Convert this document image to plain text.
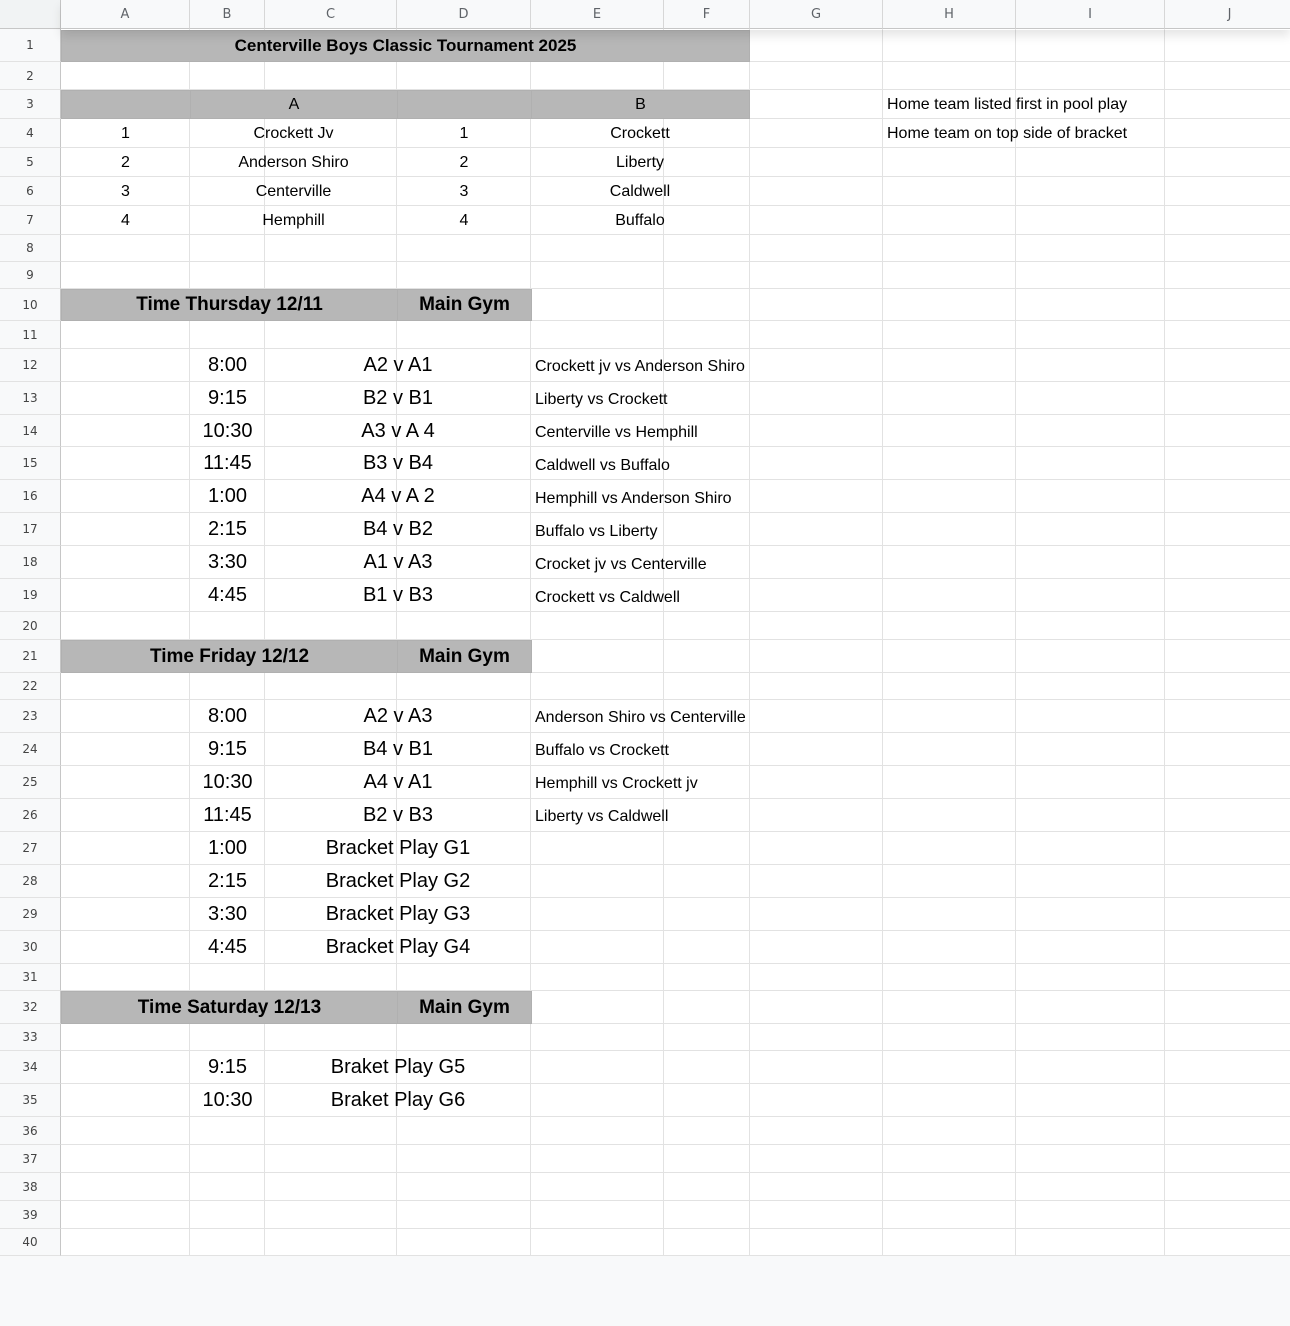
A	B	C	D	E	F	G	H	I	J
1
2
3
4
5
6
7
8
9
10
11
12
13
14
15
16
17
18
19
20
21
22
23
24
25
26
27
28
29
30
31
32
33
34
35
36
37
38
39
40
Centerville Boys Classic Tournament 2025
A	B	Home team listed first in pool play
Home team on top side of bracket
1	Crockett Jv	1	Crockett
2	Anderson Shiro	2	Liberty
3	Centerville	3	Caldwell
4	Hemphill	4	Buffalo
Time Thursday 12/11	Main Gym
8:00	A2 v A1	Crockett jv vs Anderson Shiro
9:15	B2 v B1	Liberty vs Crockett
10:30	A3 v A 4	Centerville vs Hemphill
11:45	B3 v B4	Caldwell vs Buffalo
1:00	A4 v A 2	Hemphill vs Anderson Shiro
2:15	B4 v B2	Buffalo vs Liberty
3:30	A1 v A3	Crocket jv vs Centerville
4:45	B1 v B3	Crockett vs Caldwell
Time Friday 12/12	Main Gym
8:00	A2 v A3	Anderson Shiro vs Centerville
9:15	B4 v B1	Buffalo vs Crockett
10:30	A4 v A1	Hemphill vs Crockett jv
11:45	B2 v B3	Liberty vs Caldwell
1:00	Bracket Play G1
2:15	Bracket Play G2
3:30	Bracket Play G3
4:45	Bracket Play G4
Time Saturday 12/13	Main Gym
9:15	Braket Play G5
10:30	Braket Play G6
